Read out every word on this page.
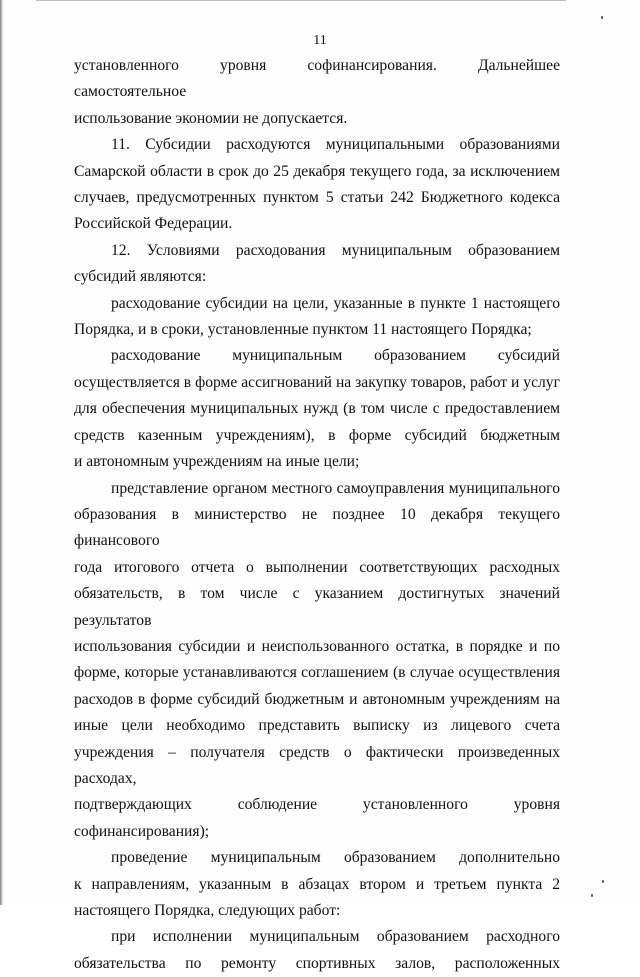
11

установленного уровня софинансирования. Дальнейшее самостоятельное

использование экономии не допускается.

11. Субсидии расходуются муниципальными образованиями

Самарской области в срок до 25 декабря текущего года, за исключением

случаев, предусмотренных пунктом 5 статьи 242 Бюджетного кодекса

Российской Федерации.

12. Условиями расходования муниципальным образованием

субсидий являются:

расходование субсидии на цели, указанные в пункте 1 настоящего

Порядка, и в сроки, установленные пунктом 11 настоящего Порядка;

расходование муниципальным образованием субсидий

осуществляется в форме ассигнований на закупку товаров, работ и услуг

для обеспечения муниципальных нужд (в том числе с предоставлением

средств казенным учреждениям), в форме субсидий бюджетным

и автономным учреждениям на иные цели;

представление органом местного самоуправления муниципального

образования в министерство не позднее 10 декабря текущего финансового

года итогового отчета о выполнении соответствующих расходных

обязательств, в том числе с указанием достигнутых значений результатов

использования субсидии и неиспользованного остатка, в порядке и по

форме, которые устанавливаются соглашением (в случае осуществления

расходов в форме субсидий бюджетным и автономным учреждениям на

иные цели необходимо представить выписку из лицевого счета

учреждения – получателя средств о фактически произведенных расходах,

подтверждающих соблюдение установленного уровня софинансирования);

проведение муниципальным образованием дополнительно

к направлениям, указанным в абзацах втором и третьем пункта 2

настоящего Порядка, следующих работ:

при исполнении муниципальным образованием расходного

обязательства по ремонту спортивных залов, расположенных
